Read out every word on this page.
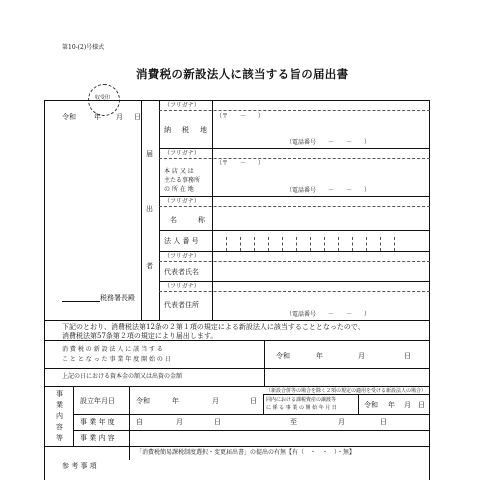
第10-(2)号様式
消費税の新設法人に該当する旨の届出書
収受印
令和	年 月 日
届
出
者
税務署長殿
（フリガナ）
納 税 地
（〒　　－　　）
（電話番号　　－　　－　　）
（フリガナ）
本 店 又 は
主たる事務所
の 所 在 地
（〒　　－　　）
（電話番号　　－　　－　　）
（フリガナ）
名	称
法 人 番 号
（フリガナ）
代表者氏名
（フリガナ）
代表者住所
（電話番号　　－　　－　　）
下記のとおり、消費税法第12条の２第１項の規定による新設法人に該当することとなったので、
消費税法第57条第２項の規定により届出します。
消 費 税 の 新 設 法 人 に 該 当 す る
こ と と な っ た 事 業 年 度 開 始 の 日	令和	年	月	日
上記の日における資本金の額又は出資の金額
事
業
内
容
等
設立年月日	令和	年	月	日
（新設合併等の場合を除く２項の規定の適用を受ける新設法人の場合）
同内における課税資産の譲渡等
に 係 る 事 業 の 開 始 年 月 日	令和 年 月 日
事 業 年 度	自	月	日	至	月	日
事 業 内 容
「消費税簡易課税制度選択・変更届出書」の提出の有無【有（　・　・　）・無】
参 考 事 項
